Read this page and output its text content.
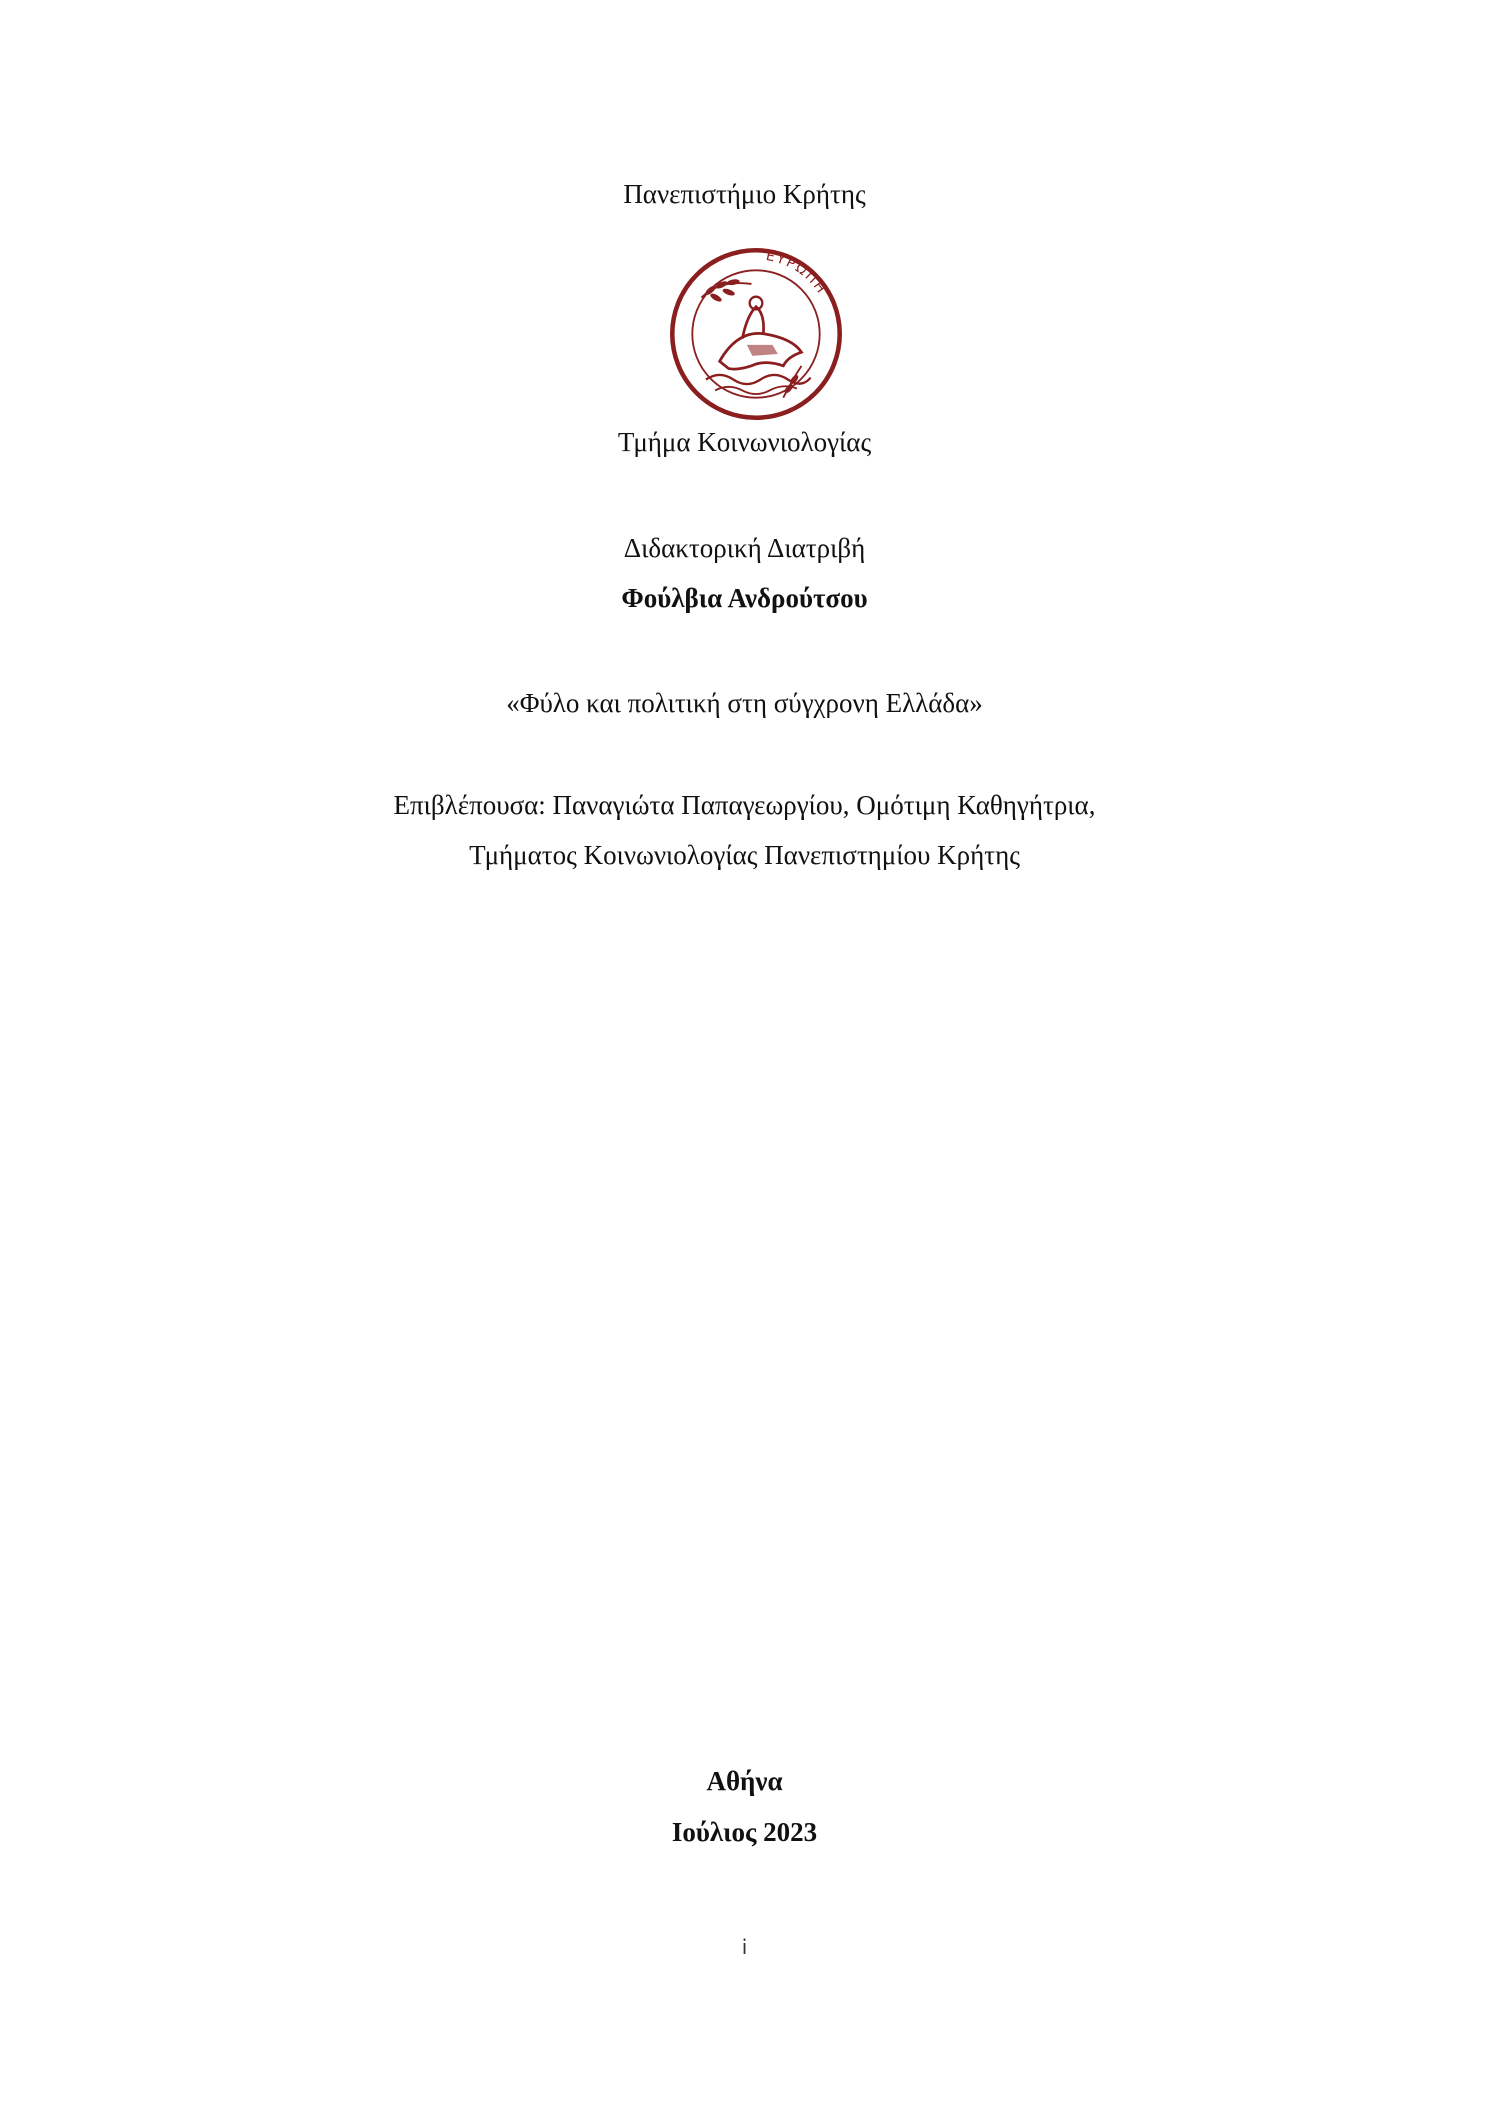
Πανεπιστήμιο Κρήτης
ΕΥΡΩΠΗ
Τμήμα Κοινωνιολογίας
Διδακτορική Διατριβή
Φούλβια Ανδρούτσου
«Φύλο και πολιτική στη σύγχρονη Ελλάδα»
Επιβλέπουσα: Παναγιώτα Παπαγεωργίου, Ομότιμη Καθηγήτρια,
Τμήματος Κοινωνιολογίας Πανεπιστημίου Κρήτης
Αθήνα
Ιούλιος 2023
i
